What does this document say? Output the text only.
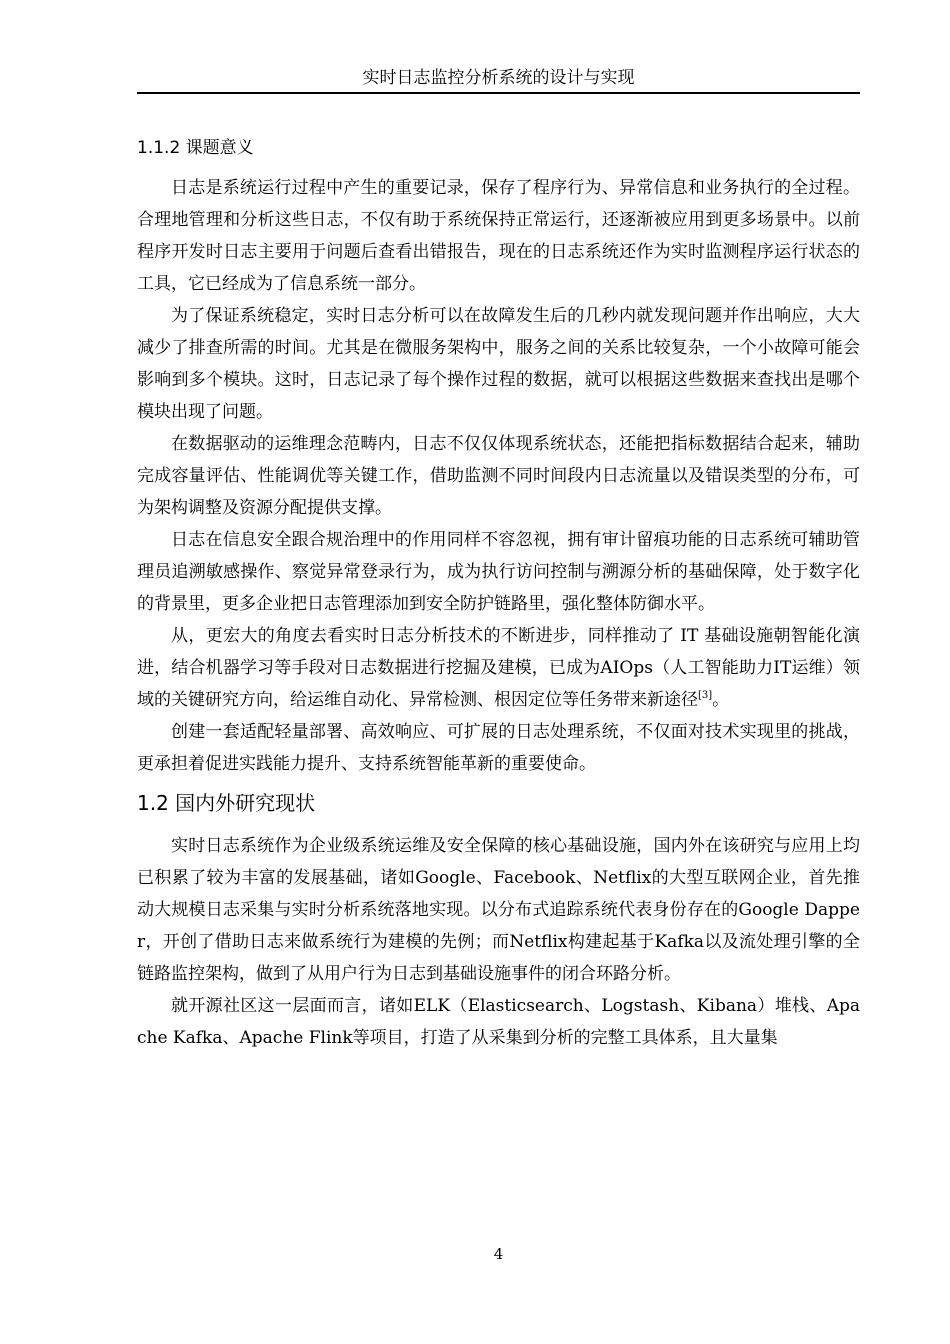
实时日志监控分析系统的设计与实现
1.1.2 课题意义

日志是系统运行过程中产生的重要记录，保存了程序行为、异常信息和业务执行的全过程。合理地管理和分析这些日志，不仅有助于系统保持正常运行，还逐渐被应用到更多场景中。以前程序开发时日志主要用于问题后查看出错报告，现在的日志系统还作为实时监测程序运行状态的工具，它已经成为了信息系统一部分。

为了保证系统稳定，实时日志分析可以在故障发生后的几秒内就发现问题并作出响应，大大减少了排查所需的时间。尤其是在微服务架构中，服务之间的关系比较复杂，一个小故障可能会影响到多个模块。这时，日志记录了每个操作过程的数据，就可以根据这些数据来查找出是哪个模块出现了问题。

在数据驱动的运维理念范畴内，日志不仅仅体现系统状态，还能把指标数据结合起来，辅助完成容量评估、性能调优等关键工作，借助监测不同时间段内日志流量以及错误类型的分布，可为架构调整及资源分配提供支撑。

日志在信息安全跟合规治理中的作用同样不容忽视，拥有审计留痕功能的日志系统可辅助管理员追溯敏感操作、察觉异常登录行为，成为执行访问控制与溯源分析的基础保障，处于数字化的背景里，更多企业把日志管理添加到安全防护链路里，强化整体防御水平。

从，更宏大的角度去看实时日志分析技术的不断进步，同样推动了 IT 基础设施朝智能化演进，结合机器学习等手段对日志数据进行挖掘及建模，已成为AIOps（人工智能助力IT运维）领域的关键研究方向，给运维自动化、异常检测、根因定位等任务带来新途径[3]。

创建一套适配轻量部署、高效响应、可扩展的日志处理系统，不仅面对技术实现里的挑战，更承担着促进实践能力提升、支持系统智能革新的重要使命。

1.2 国内外研究现状

实时日志系统作为企业级系统运维及安全保障的核心基础设施，国内外在该研究与应用上均已积累了较为丰富的发展基础，诸如Google、Facebook、Netflix的大型互联网企业，首先推动大规模日志采集与实时分析系统落地实现。以分布式追踪系统代表身份存在的Google Dapper，开创了借助日志来做系统行为建模的先例；而Netflix构建起基于Kafka以及流处理引擎的全链路监控架构，做到了从用户行为日志到基础设施事件的闭合环路分析。

就开源社区这一层面而言，诸如ELK（Elasticsearch、Logstash、Kibana）堆栈、Apache Kafka、Apache Flink等项目，打造了从采集到分析的完整工具体系，且大量集

4
